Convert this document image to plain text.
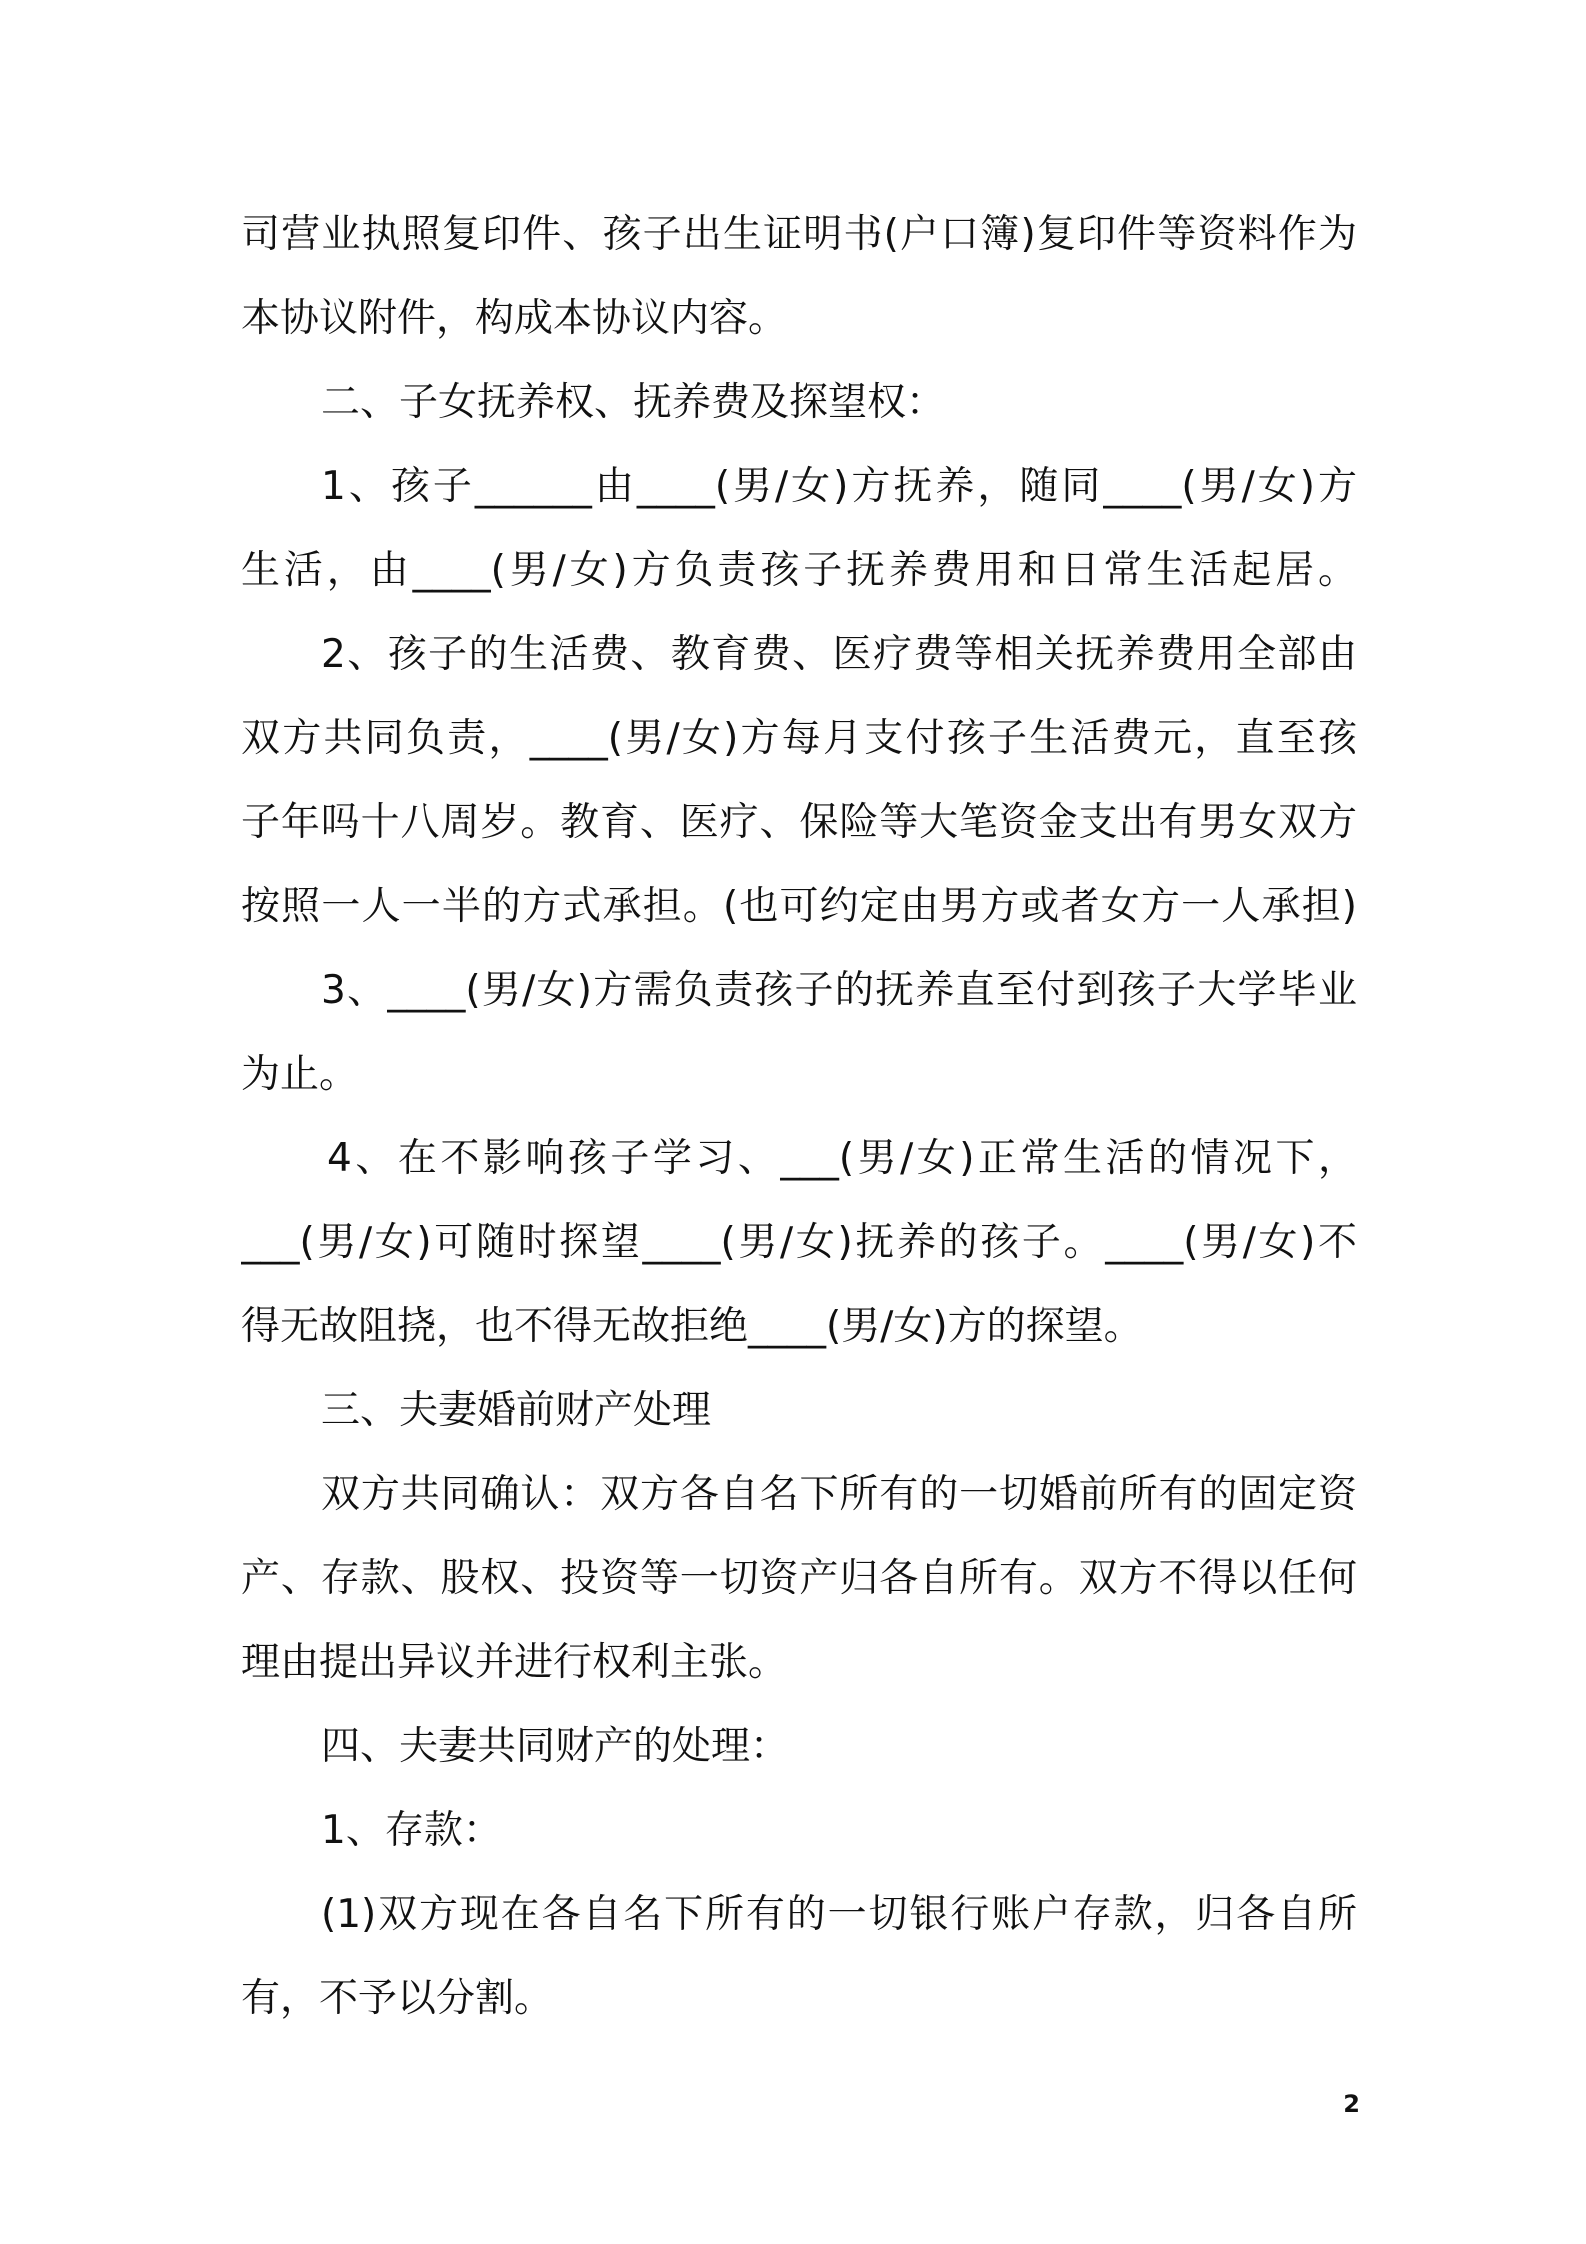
司营业执照复印件、孩子出生证明书(户口簿)复印件等资料作为
本协议附件，构成本协议内容。
二、子女抚养权、抚养费及探望权：
1、孩子______由____(男/女)方抚养，随同____(男/女)方
生活，由____(男/女)方负责孩子抚养费用和日常生活起居。
2、孩子的生活费、教育费、医疗费等相关抚养费用全部由
双方共同负责，____(男/女)方每月支付孩子生活费元，直至孩
子年吗十八周岁。教育、医疗、保险等大笔资金支出有男女双方
按照一人一半的方式承担。(也可约定由男方或者女方一人承担)
3、____(男/女)方需负责孩子的抚养直至付到孩子大学毕业
为止。
4、在不影响孩子学习、___(男/女)正常生活的情况下，
___(男/女)可随时探望____(男/女)抚养的孩子。____(男/女)不
得无故阻挠，也不得无故拒绝____(男/女)方的探望。
三、夫妻婚前财产处理
双方共同确认：双方各自名下所有的一切婚前所有的固定资
产、存款、股权、投资等一切资产归各自所有。双方不得以任何
理由提出异议并进行权利主张。
四、夫妻共同财产的处理：
1、存款：
(1)双方现在各自名下所有的一切银行账户存款，归各自所
有，不予以分割。
2
